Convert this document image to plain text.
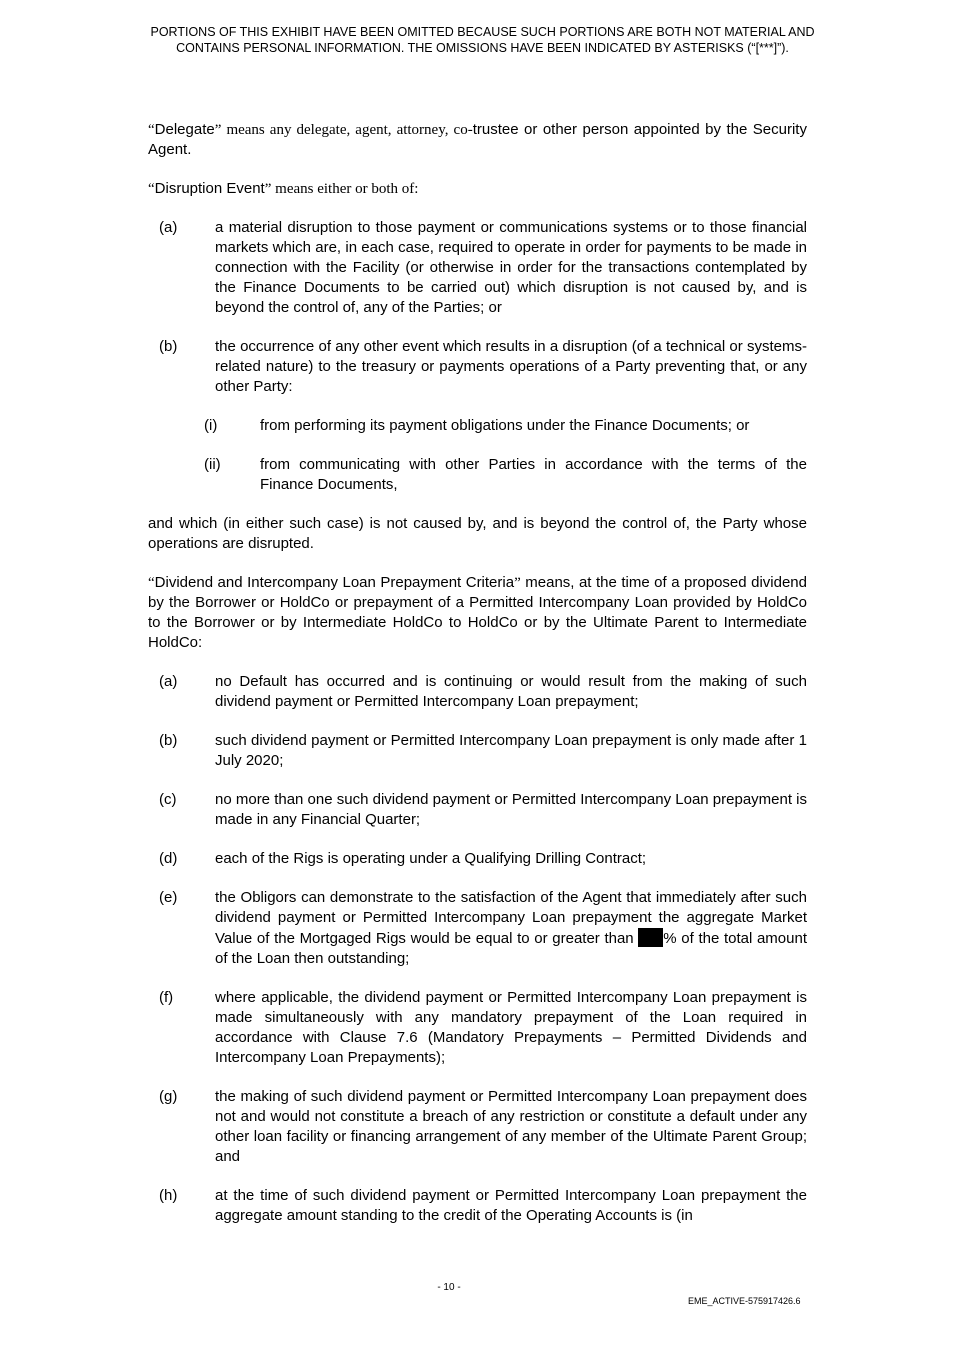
PORTIONS OF THIS EXHIBIT HAVE BEEN OMITTED BECAUSE SUCH PORTIONS ARE BOTH NOT MATERIAL AND
CONTAINS PERSONAL INFORMATION. THE OMISSIONS HAVE BEEN INDICATED BY ASTERISKS (“[***]”).

“Delegate” means any delegate, agent, attorney, co-trustee or other person appointed by the Security Agent.

“Disruption Event” means either or both of:

(a)	a material disruption to those payment or communications systems or to those financial markets which are, in each case, required to operate in order for payments to be made in connection with the Facility (or otherwise in order for the transactions contemplated by the Finance Documents to be carried out) which disruption is not caused by, and is beyond the control of, any of the Parties; or
(b)	the occurrence of any other event which results in a disruption (of a technical or systems-related nature) to the treasury or payments operations of a Party preventing that, or any other Party:
(i)	from performing its payment obligations under the Finance Documents; or
(ii)	from communicating with other Parties in accordance with the terms of the Finance Documents,

and which (in either such case) is not caused by, and is beyond the control of, the Party whose operations are disrupted.

“Dividend and Intercompany Loan Prepayment Criteria” means, at the time of a proposed dividend by the Borrower or HoldCo or prepayment of a Permitted Intercompany Loan provided by HoldCo to the Borrower or by Intermediate HoldCo to HoldCo or by the Ultimate Parent to Intermediate HoldCo:

(a)	no Default has occurred and is continuing or would result from the making of such dividend payment or Permitted Intercompany Loan prepayment;
(b)	such dividend payment or Permitted Intercompany Loan prepayment is only made after 1 July 2020;
(c)	no more than one such dividend payment or Permitted Intercompany Loan prepayment is made in any Financial Quarter;
(d)	each of the Rigs is operating under a Qualifying Drilling Contract;
(e)	the Obligors can demonstrate to the satisfaction of the Agent that immediately after such dividend payment or Permitted Intercompany Loan prepayment the aggregate Market Value of the Mortgaged Rigs would be equal to or greater than % of the total amount of the Loan then outstanding;
(f)	where applicable, the dividend payment or Permitted Intercompany Loan prepayment is made simultaneously with any mandatory prepayment of the Loan required in accordance with Clause 7.6 (Mandatory Prepayments – Permitted Dividends and Intercompany Loan Prepayments);
(g)	the making of such dividend payment or Permitted Intercompany Loan prepayment does not and would not constitute a breach of any restriction or constitute a default under any other loan facility or financing arrangement of any member of the Ultimate Parent Group; and
(h)	at the time of such dividend payment or Permitted Intercompany Loan prepayment the aggregate amount standing to the credit of the Operating Accounts is (in
- 10 -
EME_ACTIVE-575917426.6
